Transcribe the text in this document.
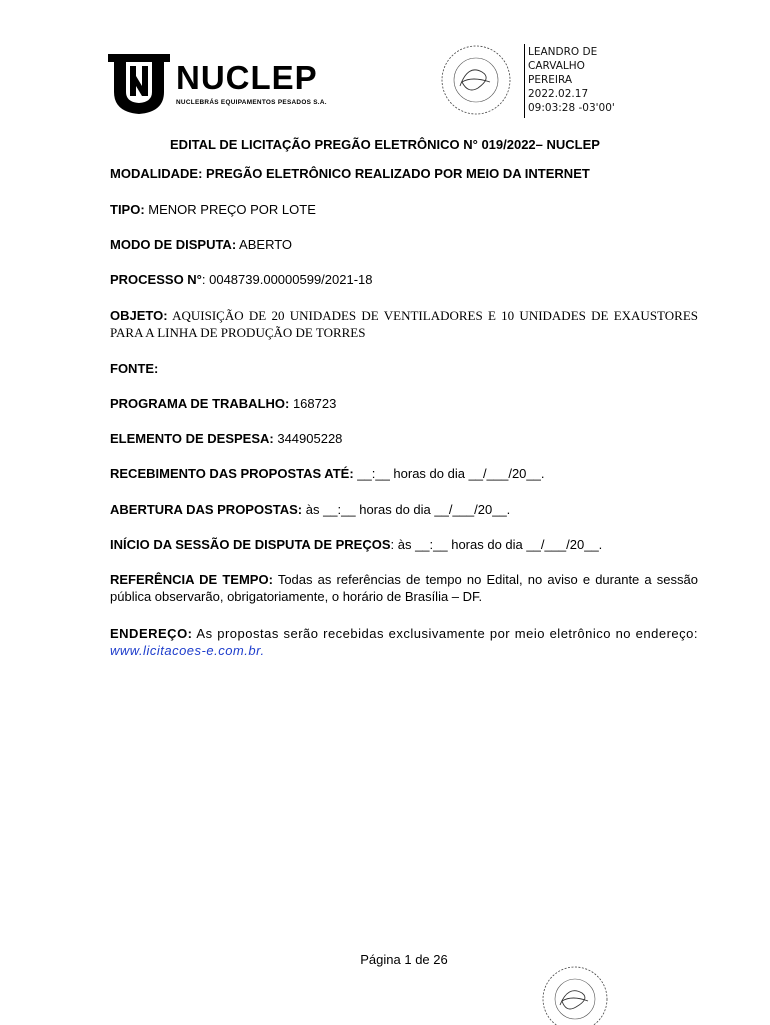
NUCLEP
NUCLEBRÁS EQUIPAMENTOS PESADOS S.A.
LEANDRO DE
CARVALHO
PEREIRA
2022.02.17
09:03:28 -03'00'
EDITAL DE LICITAÇÃO PREGÃO ELETRÔNICO N° 019/2022– NUCLEP
MODALIDADE: PREGÃO ELETRÔNICO REALIZADO POR MEIO DA INTERNET
TIPO: MENOR PREÇO POR LOTE
MODO DE DISPUTA: ABERTO
PROCESSO N°: 0048739.00000599/2021-18
OBJETO: AQUISIÇÃO DE 20 UNIDADES DE VENTILADORES E 10 UNIDADES DE EXAUSTORES PARA A LINHA DE PRODUÇÃO DE TORRES
FONTE:
PROGRAMA DE TRABALHO: 168723
ELEMENTO DE DESPESA: 344905228
RECEBIMENTO DAS PROPOSTAS ATÉ: __:__ horas do dia __/___/20__.
ABERTURA DAS PROPOSTAS: às __:__ horas do dia __/___/20__.
INÍCIO DA SESSÃO DE DISPUTA DE PREÇOS: às __:__ horas do dia __/___/20__.
REFERÊNCIA DE TEMPO: Todas as referências de tempo no Edital, no aviso e durante a sessão pública observarão, obrigatoriamente, o horário de Brasília – DF.
ENDEREÇO: As propostas serão recebidas exclusivamente por meio eletrônico no endereço: www.licitacoes-e.com.br.
Página 1 de 26
